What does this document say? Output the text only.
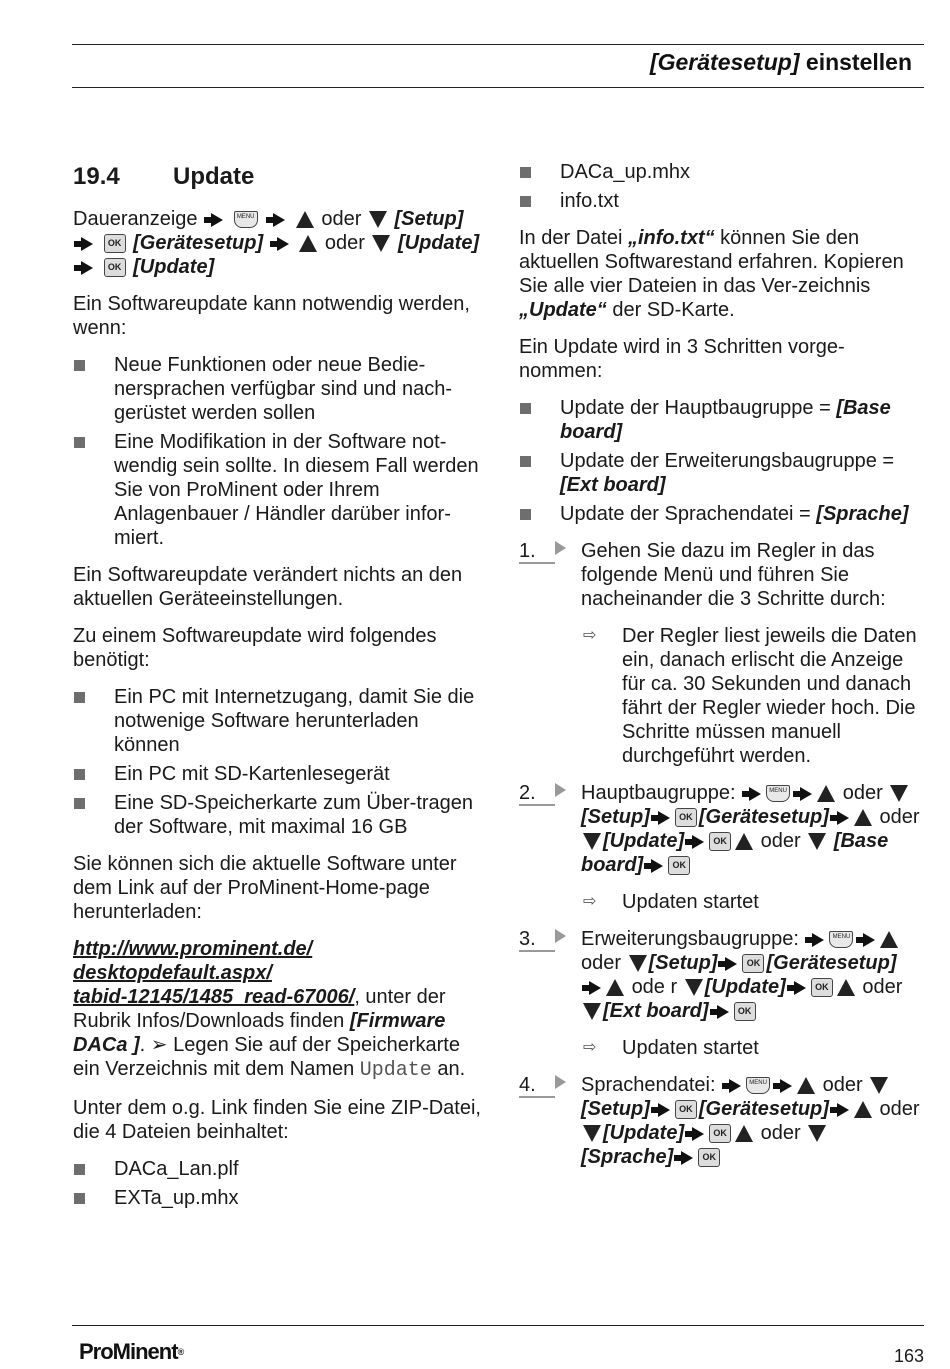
[Gerätesetup] einstellen
19.4	Update

Daueranzeige	MENU	oder [Setup]
OK [Gerätesetup]	oder [Update]
OK [Update]

Ein Softwareupdate kann notwendig werden, wenn:

Neue Funktionen oder neue Bedie-nersprachen verfügbar sind und nach-gerüstet werden sollen
Eine Modifikation in der Software not-wendig sein sollte. In diesem Fall werden Sie von ProMinent oder Ihrem Anlagenbauer / Händler darüber infor-miert.

Ein Softwareupdate verändert nichts an den aktuellen Geräteeinstellungen.

Zu einem Softwareupdate wird folgendes benötigt:

Ein PC mit Internetzugang, damit Sie die notwenige Software herunterladen können
Ein PC mit SD-Kartenlesegerät
Eine SD-Speicherkarte zum Über-tragen der Software, mit maximal 16 GB

Sie können sich die aktuelle Software unter dem Link auf der ProMinent-Home-page herunterladen:

http://www.prominent.de/
desktopdefault.aspx/
tabid-12145/1485_read-67006/, unter der Rubrik Infos/Downloads finden [Firmware DACa ]. ➢ Legen Sie auf der Speicherkarte ein Verzeichnis mit dem Namen Update an.

Unter dem o.g. Link finden Sie eine ZIP-Datei, die 4 Dateien beinhaltet:

DACa_Lan.plf
EXTa_up.mhx
DACa_up.mhx
info.txt

In der Datei „info.txt“ können Sie den aktuellen Softwarestand erfahren. Kopieren Sie alle vier Dateien in das Ver-zeichnis „Update“ der SD-Karte.

Ein Update wird in 3 Schritten vorge-nommen:

Update der Hauptbaugruppe = [Base board]
Update der Erweiterungsbaugruppe = [Ext board]
Update der Sprachendatei = [Sprache]
1.	Gehen Sie dazu im Regler in das folgende Menü und führen Sie nacheinander die 3 Schritte durch:
⇨ Der Regler liest jeweils die Daten ein, danach erlischt die Anzeige für ca. 30 Sekunden und danach fährt der Regler wieder hoch. Die Schritte müssen manuell durchgeführt werden.
2.	Hauptbaugruppe:	MENU	oder [Setup]	OK [Gerätesetup]	oder [Update]	OK oder [Base board]	OK
⇨ Updaten startet
3.	Erweiterungsbaugruppe:	MENU oder [Setup]	OK [Gerätesetup]  ode r [Update]	OK oder [Ext board]	OK
⇨ Updaten startet
4.	Sprachendatei:	MENU	oder  [Setup]	OK [Gerätesetup]	oder [Update]	OK oder  [Sprache]	OK
ProMinent®	163
